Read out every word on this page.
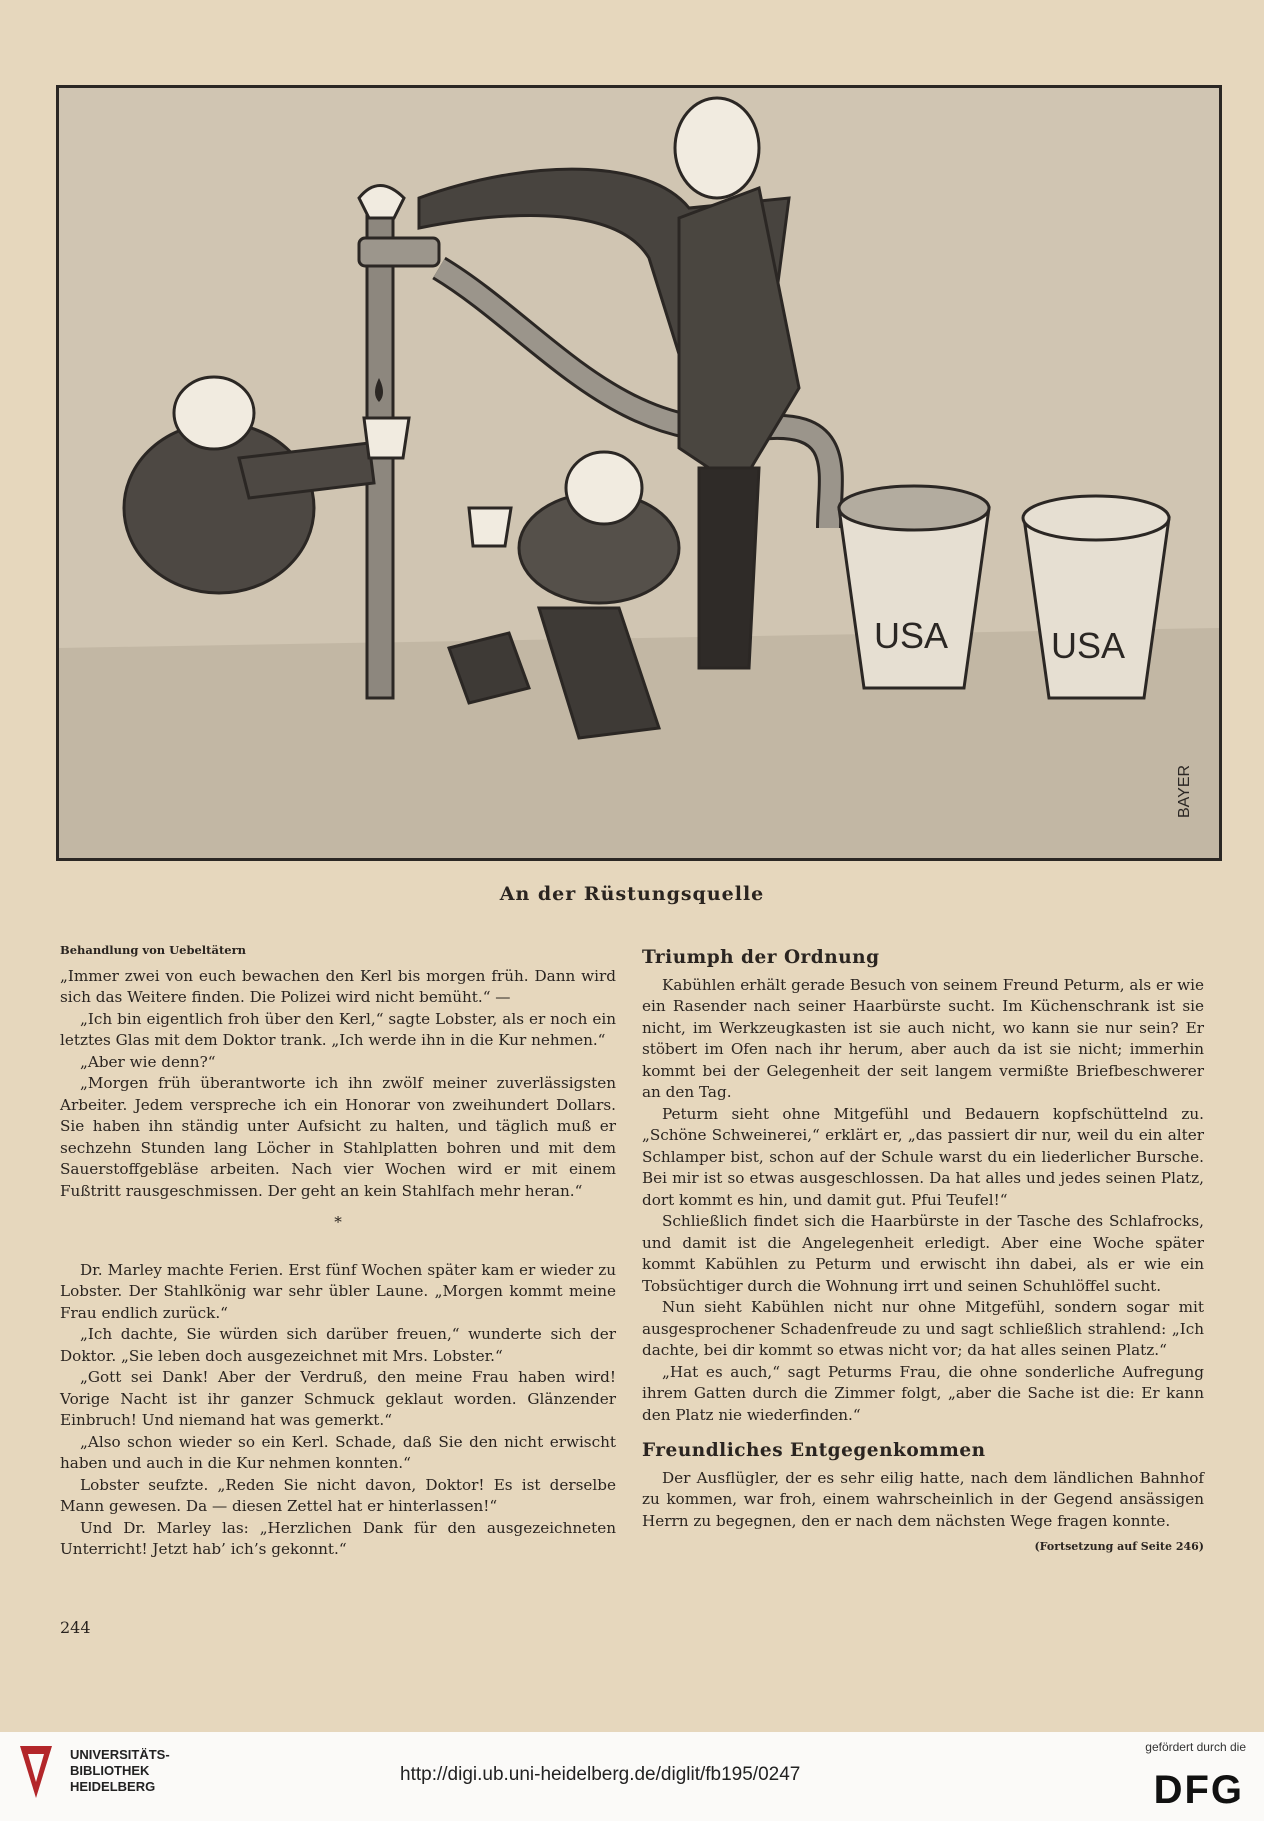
USA	USA
BAYER
An der Rüstungsquelle
Behandlung von Uebeltätern

„Immer zwei von euch bewachen den Kerl bis morgen früh. Dann wird sich das Weitere finden. Die Polizei wird nicht bemüht.“ —

„Ich bin eigentlich froh über den Kerl,“ sagte Lobster, als er noch ein letztes Glas mit dem Doktor trank. „Ich werde ihn in die Kur nehmen.“

„Aber wie denn?“

„Morgen früh überantworte ich ihn zwölf meiner zuverlässigsten Arbeiter. Jedem verspreche ich ein Honorar von zweihundert Dollars. Sie haben ihn ständig unter Aufsicht zu halten, und täglich muß er sechzehn Stunden lang Löcher in Stahlplatten bohren und mit dem Sauerstoffgebläse arbeiten. Nach vier Wochen wird er mit einem Fußtritt rausgeschmissen. Der geht an kein Stahlfach mehr heran.“

*

Dr. Marley machte Ferien. Erst fünf Wochen später kam er wieder zu Lobster. Der Stahlkönig war sehr übler Laune. „Morgen kommt meine Frau endlich zurück.“

„Ich dachte, Sie würden sich darüber freuen,“ wunderte sich der Doktor. „Sie leben doch ausgezeichnet mit Mrs. Lobster.“

„Gott sei Dank! Aber der Verdruß, den meine Frau haben wird! Vorige Nacht ist ihr ganzer Schmuck geklaut worden. Glänzender Einbruch! Und niemand hat was gemerkt.“

„Also schon wieder so ein Kerl. Schade, daß Sie den nicht erwischt haben und auch in die Kur nehmen konnten.“

Lobster seufzte. „Reden Sie nicht davon, Doktor! Es ist derselbe Mann gewesen. Da — diesen Zettel hat er hinterlassen!“

Und Dr. Marley las: „Herzlichen Dank für den ausgezeichneten Unterricht! Jetzt hab’ ich’s gekonnt.“

Triumph der Ordnung

Kabühlen erhält gerade Besuch von seinem Freund Peturm, als er wie ein Rasender nach seiner Haarbürste sucht. Im Küchenschrank ist sie nicht, im Werkzeugkasten ist sie auch nicht, wo kann sie nur sein? Er stöbert im Ofen nach ihr herum, aber auch da ist sie nicht; immerhin kommt bei der Gelegenheit der seit langem vermißte Briefbeschwerer an den Tag.

Peturm sieht ohne Mitgefühl und Bedauern kopfschüttelnd zu. „Schöne Schweinerei,“ erklärt er, „das passiert dir nur, weil du ein alter Schlamper bist, schon auf der Schule warst du ein liederlicher Bursche. Bei mir ist so etwas ausgeschlossen. Da hat alles und jedes seinen Platz, dort kommt es hin, und damit gut. Pfui Teufel!“

Schließlich findet sich die Haarbürste in der Tasche des Schlafrocks, und damit ist die Angelegenheit erledigt. Aber eine Woche später kommt Kabühlen zu Peturm und erwischt ihn dabei, als er wie ein Tobsüchtiger durch die Wohnung irrt und seinen Schuhlöffel sucht.

Nun sieht Kabühlen nicht nur ohne Mitgefühl, sondern sogar mit ausgesprochener Schadenfreude zu und sagt schließlich strahlend: „Ich dachte, bei dir kommt so etwas nicht vor; da hat alles seinen Platz.“

„Hat es auch,“ sagt Peturms Frau, die ohne sonderliche Aufregung ihrem Gatten durch die Zimmer folgt, „aber die Sache ist die: Er kann den Platz nie wiederfinden.“

Freundliches Entgegenkommen

Der Ausflügler, der es sehr eilig hatte, nach dem ländlichen Bahnhof zu kommen, war froh, einem wahrscheinlich in der Gegend ansässigen Herrn zu begegnen, den er nach dem nächsten Wege fragen konnte.

(Fortsetzung auf Seite 246)
244
UNIVERSITÄTS-
BIBLIOTHEK
HEIDELBERG
http://digi.ub.uni-heidelberg.de/diglit/fb195/0247
gefördert durch die
DFG
